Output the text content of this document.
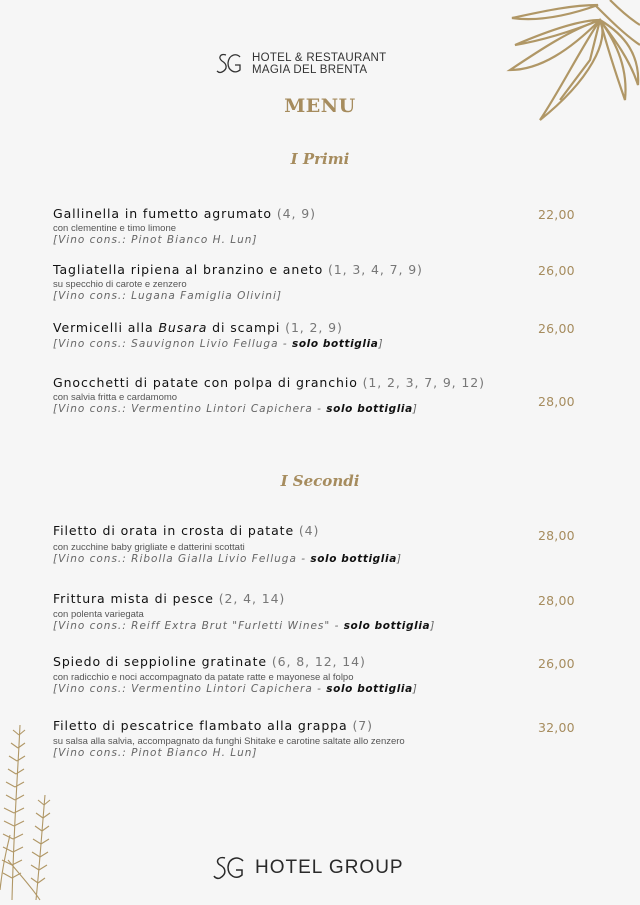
HOTEL & RESTAURANT
MAGIA DEL BRENTA
MENU
I Primi
Gallinella in fumetto agrumato (4, 9)
con clementine e timo limone
[Vino cons.: Pinot Bianco H. Lun]
22,00
Tagliatella ripiena al branzino e aneto (1, 3, 4, 7, 9)
su specchio di carote e zenzero
[Vino cons.: Lugana Famiglia Olivini]
26,00
Vermicelli alla Busara di scampi (1, 2, 9)
[Vino cons.: Sauvignon Livio Felluga - solo bottiglia]
26,00
Gnocchetti di patate con polpa di granchio (1, 2, 3, 7, 9, 12)
con salvia fritta e cardamomo
[Vino cons.: Vermentino Lintori Capichera - solo bottiglia]	28,00
I Secondi
Filetto di orata in crosta di patate (4)
con zucchine baby grigliate e datterini scottati
[Vino cons.: Ribolla Gialla Livio Felluga - solo bottiglia]
28,00
Frittura mista di pesce (2, 4, 14)
con polenta variegata
[Vino cons.: Reiff Extra Brut "Furletti Wines" - solo bottiglia]
28,00
Spiedo di seppioline gratinate (6, 8, 12, 14)
con radicchio e noci accompagnato da patate ratte e mayonese al folpo
[Vino cons.: Vermentino Lintori Capichera - solo bottiglia]
26,00
Filetto di pescatrice flambato alla grappa (7)
su salsa alla salvia, accompagnato da funghi Shitake e carotine saltate allo zenzero
[Vino cons.: Pinot Bianco H. Lun]
32,00
HOTEL GROUP
